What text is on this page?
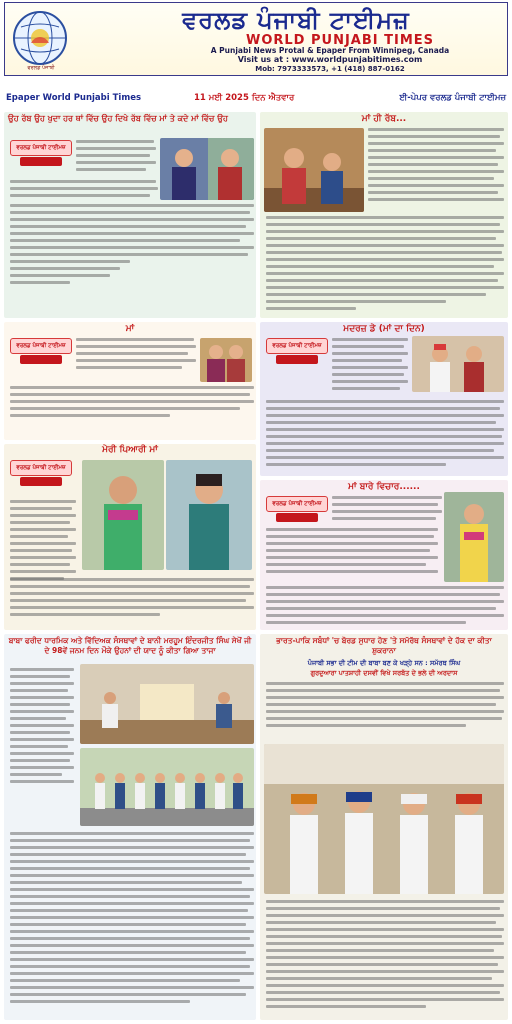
ਵਰਲਡ ਪੰਜਾਬੀ
ਵਰਲਡ ਪੰਜਾਬੀ ਟਾਈਮਜ਼
WORLD PUNJABI TIMES
A Punjabi News Protal & Epaper From Winnipeg, Canada
Visit us at : www.worldpunjabitimes.com
Mob: 7973333573, +1 (418) 887-0162
Epaper World Punjabi Times	11 ਮਈ 2025 ਦਿਨ ਐਤਵਾਰ	ਈ-ਪੇਪਰ ਵਰਲਡ ਪੰਜਾਬੀ ਟਾਈਮਜ਼
ਉਹ ਰੱਬ ਉਹ ਖੁਦਾ ਹਰ ਥਾਂ ਵਿੱਚ ਉਹ ਦਿਖੇ ਰੱਬ ਵਿੱਚ ਮਾਂ ਤੇ ਕਦੇ ਮਾਂ ਵਿੱਚ ਉਹ
ਵਰਲਡ ਪੰਜਾਬੀ ਟਾਈਮਜ਼
ਮਾਂ
ਵਰਲਡ ਪੰਜਾਬੀ ਟਾਈਮਜ਼
ਮੇਰੀ ਪਿਆਰੀ ਮਾਂ
ਵਰਲਡ ਪੰਜਾਬੀ ਟਾਈਮਜ਼
ਬਾਬਾ ਫਰੀਦ ਧਾਰਮਿਕ ਅਤੇ ਵਿੱਦਿਅਕ ਸੰਸਥਾਵਾਂ ਦੇ ਬਾਨੀ ਮਰਹੂਮ ਇੰਦਰਜੀਤ ਸਿੰਘ ਸੇਖੋਂ ਜੀ ਦੇ 98ਵੇਂ ਜਨਮ ਦਿਨ ਮੌਕੇ ਉਹਨਾਂ ਦੀ ਯਾਦ ਨੂੰ ਕੀਤਾ ਗਿਆ ਤਾਜਾ
ਮਾਂ ਹੀ ਰੱਬ...
ਮਦਰਜ਼ ਡੇ (ਮਾਂ ਦਾ ਦਿਨ)
ਵਰਲਡ ਪੰਜਾਬੀ ਟਾਈਮਜ਼
ਮਾਂ ਬਾਰੇ ਵਿਚਾਰ......
ਵਰਲਡ ਪੰਜਾਬੀ ਟਾਈਮਜ਼
ਭਾਰਤ-ਪਾਕਿ ਸਬੰਧਾਂ 'ਚ ਬੋਰਡ ਸੁਧਾਰ ਹੋਣ 'ਤੇ ਸਮੱਰੱਥ ਸੰਸਥਾਵਾਂ ਦੇ ਹੱਕ ਦਾ ਕੀਤਾ ਸ਼ੁਕਰਾਨਾ
ਪੰਜਾਬੀ ਸਭਾ ਦੀ ਟੀਮ ਦੀ ਬਾਬਾ ਬਣ ਕੇ ਖੜ੍ਹੇ ਸਨ : ਸਮੱਰਥ ਸਿੰਘ
ਗੁਰਦੁਆਰਾ ਪਾਤਸ਼ਾਹੀ ਦਸਵੀਂ ਵਿਖੇ ਸਰਬੱਤ ਦੇ ਭਲੇ ਦੀ ਅਰਦਾਸ
